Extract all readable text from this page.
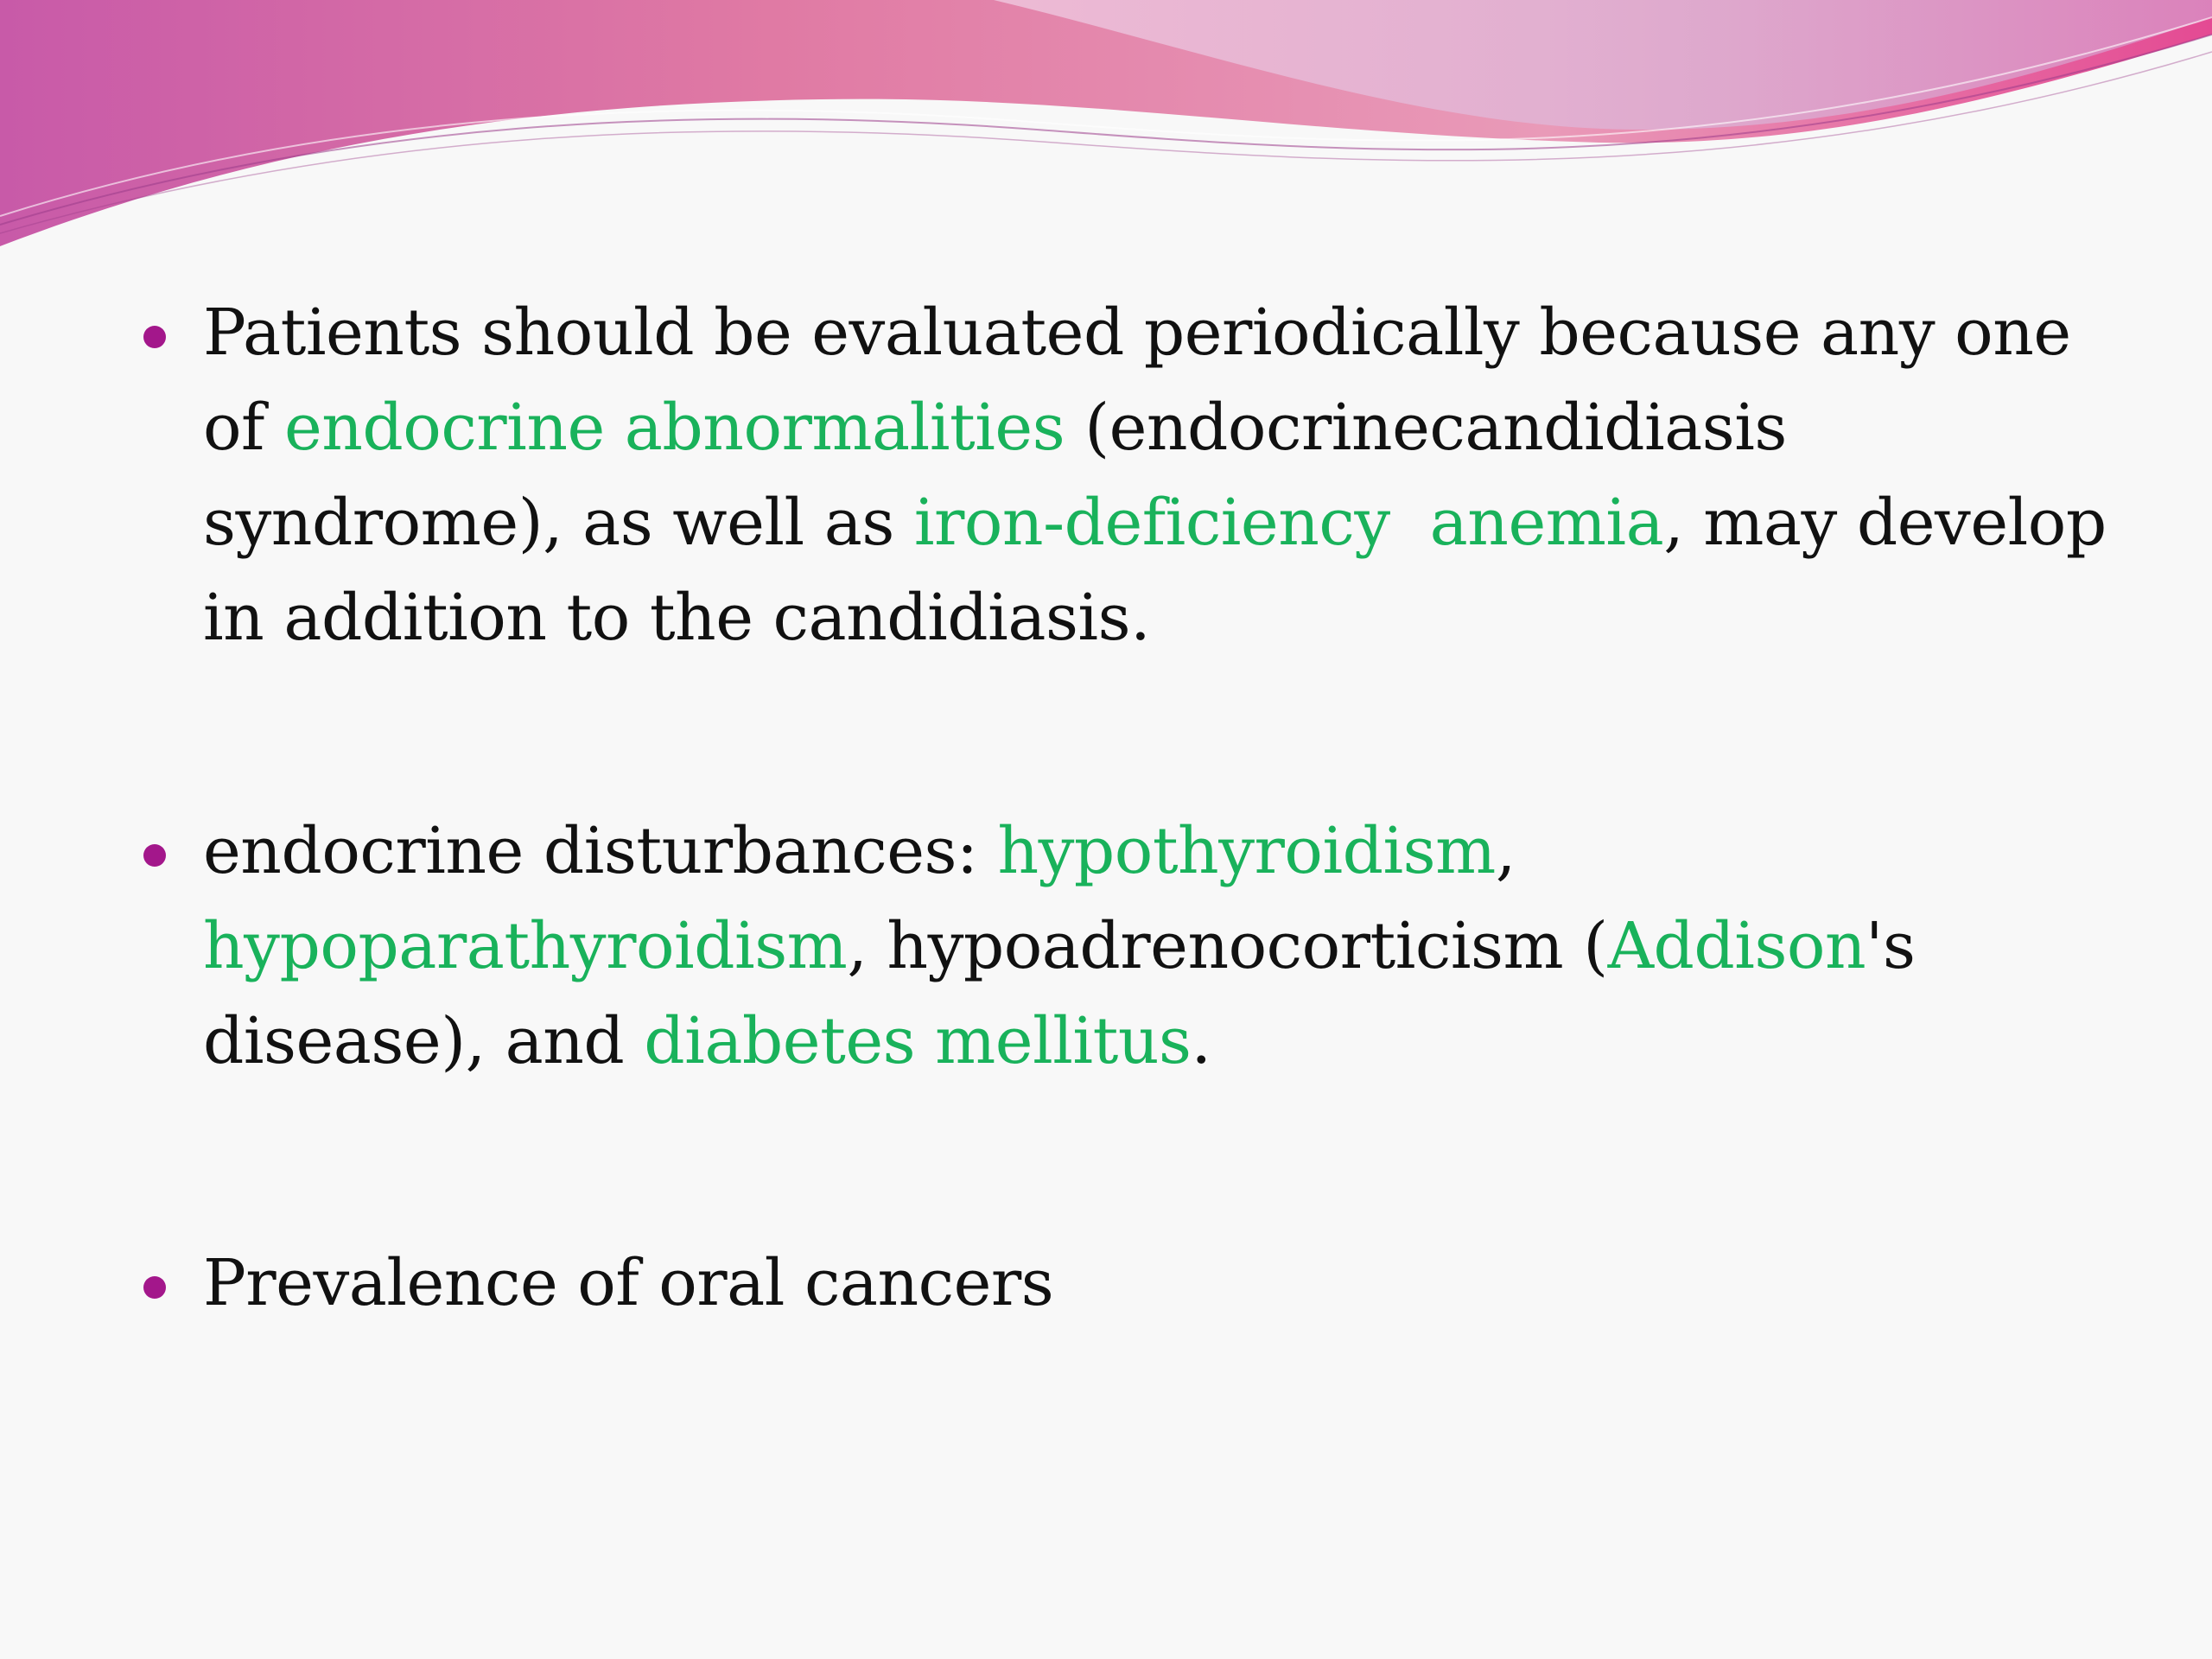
Patients should be evaluated periodically because any one of endocrine abnormalities (endocrinecandidiasis syndrome), as well as iron-deficiency  anemia, may develop in addition to the candidiasis.
endocrine disturbances: hypothyroidism, hypoparathyroidism, hypoadrenocorticism (Addison's disease), and diabetes mellitus.
Prevalence of oral cancers
